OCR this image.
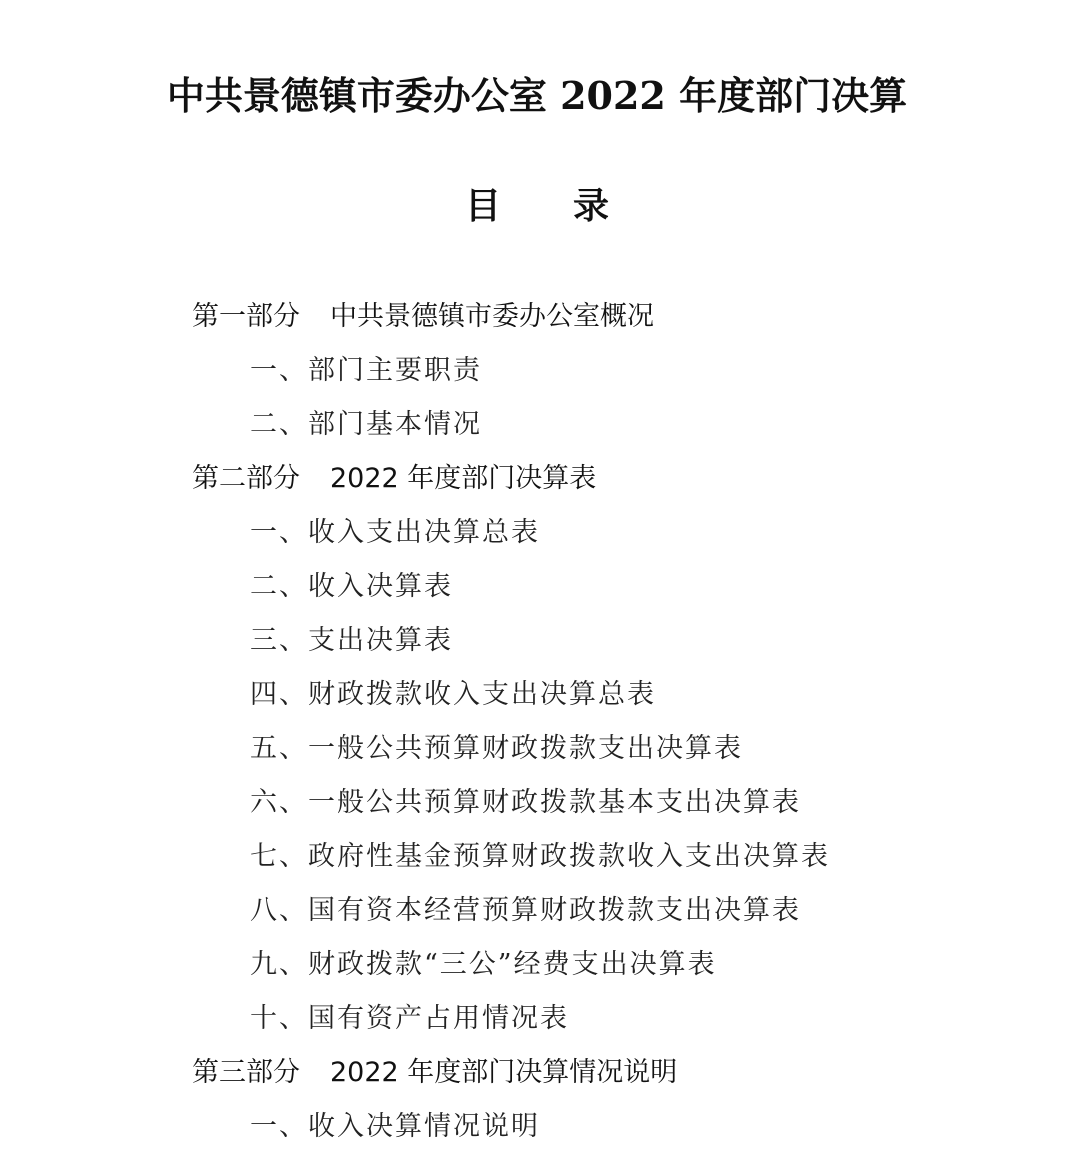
中共景德镇市委办公室 2022 年度部门决算
目 录
第一部分 中共景德镇市委办公室概况
一、部门主要职责
二、部门基本情况
第二部分 2022 年度部门决算表
一、收入支出决算总表
二、收入决算表
三、支出决算表
四、财政拨款收入支出决算总表
五、一般公共预算财政拨款支出决算表
六、一般公共预算财政拨款基本支出决算表
七、政府性基金预算财政拨款收入支出决算表
八、国有资本经营预算财政拨款支出决算表
九、财政拨款“三公”经费支出决算表
十、国有资产占用情况表
第三部分 2022 年度部门决算情况说明
一、收入决算情况说明
